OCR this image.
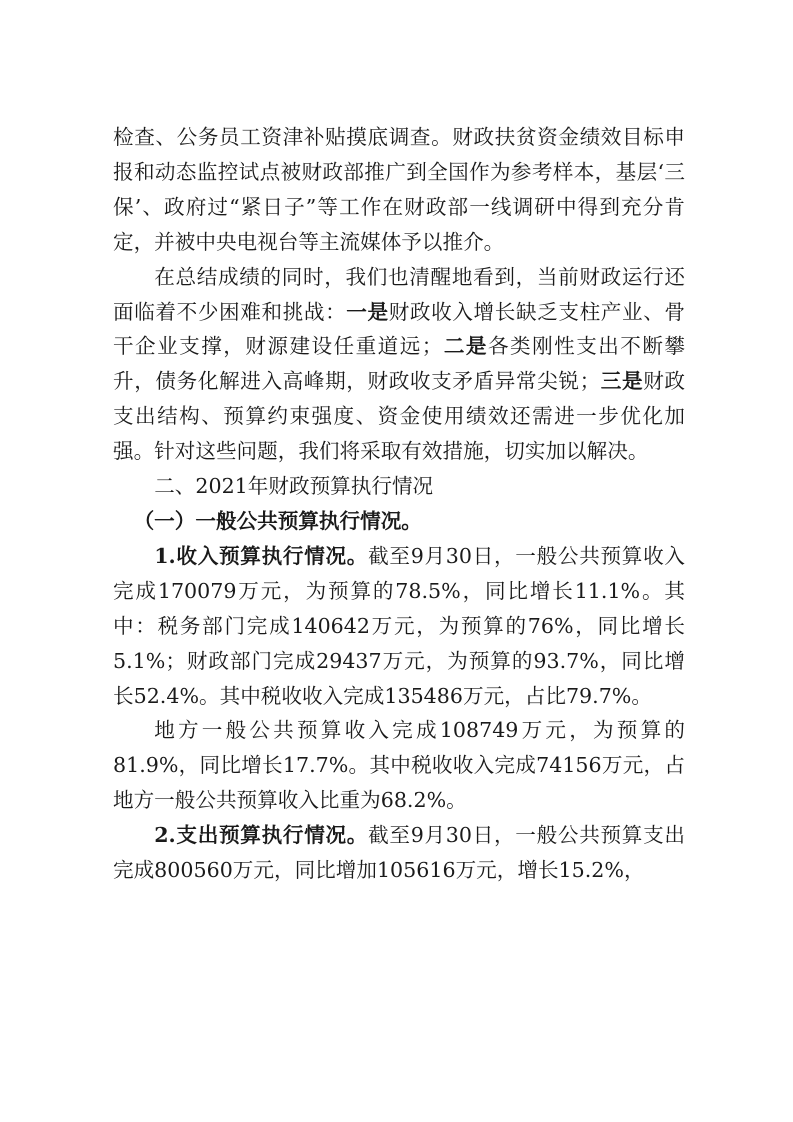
检查、公务员工资津补贴摸底调查。财政扶贫资金绩效目标申报和动态监控试点被财政部推广到全国作为参考样本，基层‘三保’、政府过“紧日子”等工作在财政部一线调研中得到充分肯定，并被中央电视台等主流媒体予以推介。

在总结成绩的同时，我们也清醒地看到，当前财政运行还面临着不少困难和挑战：一是财政收入增长缺乏支柱产业、骨干企业支撑，财源建设任重道远；二是各类刚性支出不断攀升，债务化解进入高峰期，财政收支矛盾异常尖锐；三是财政支出结构、预算约束强度、资金使用绩效还需进一步优化加强。针对这些问题，我们将采取有效措施，切实加以解决。

二、2021年财政预算执行情况

（一）一般公共预算执行情况。

1.收入预算执行情况。截至9月30日，一般公共预算收入完成170079万元，为预算的78.5%，同比增长11.1%。其中：税务部门完成140642万元，为预算的76%，同比增长5.1%；财政部门完成29437万元，为预算的93.7%，同比增长52.4%。其中税收收入完成135486万元，占比79.7%。

地方一般公共预算收入完成108749万元，为预算的81.9%，同比增长17.7%。其中税收收入完成74156万元，占地方一般公共预算收入比重为68.2%。

2.支出预算执行情况。截至9月30日，一般公共预算支出完成800560万元，同比增加105616万元，增长15.2%，
